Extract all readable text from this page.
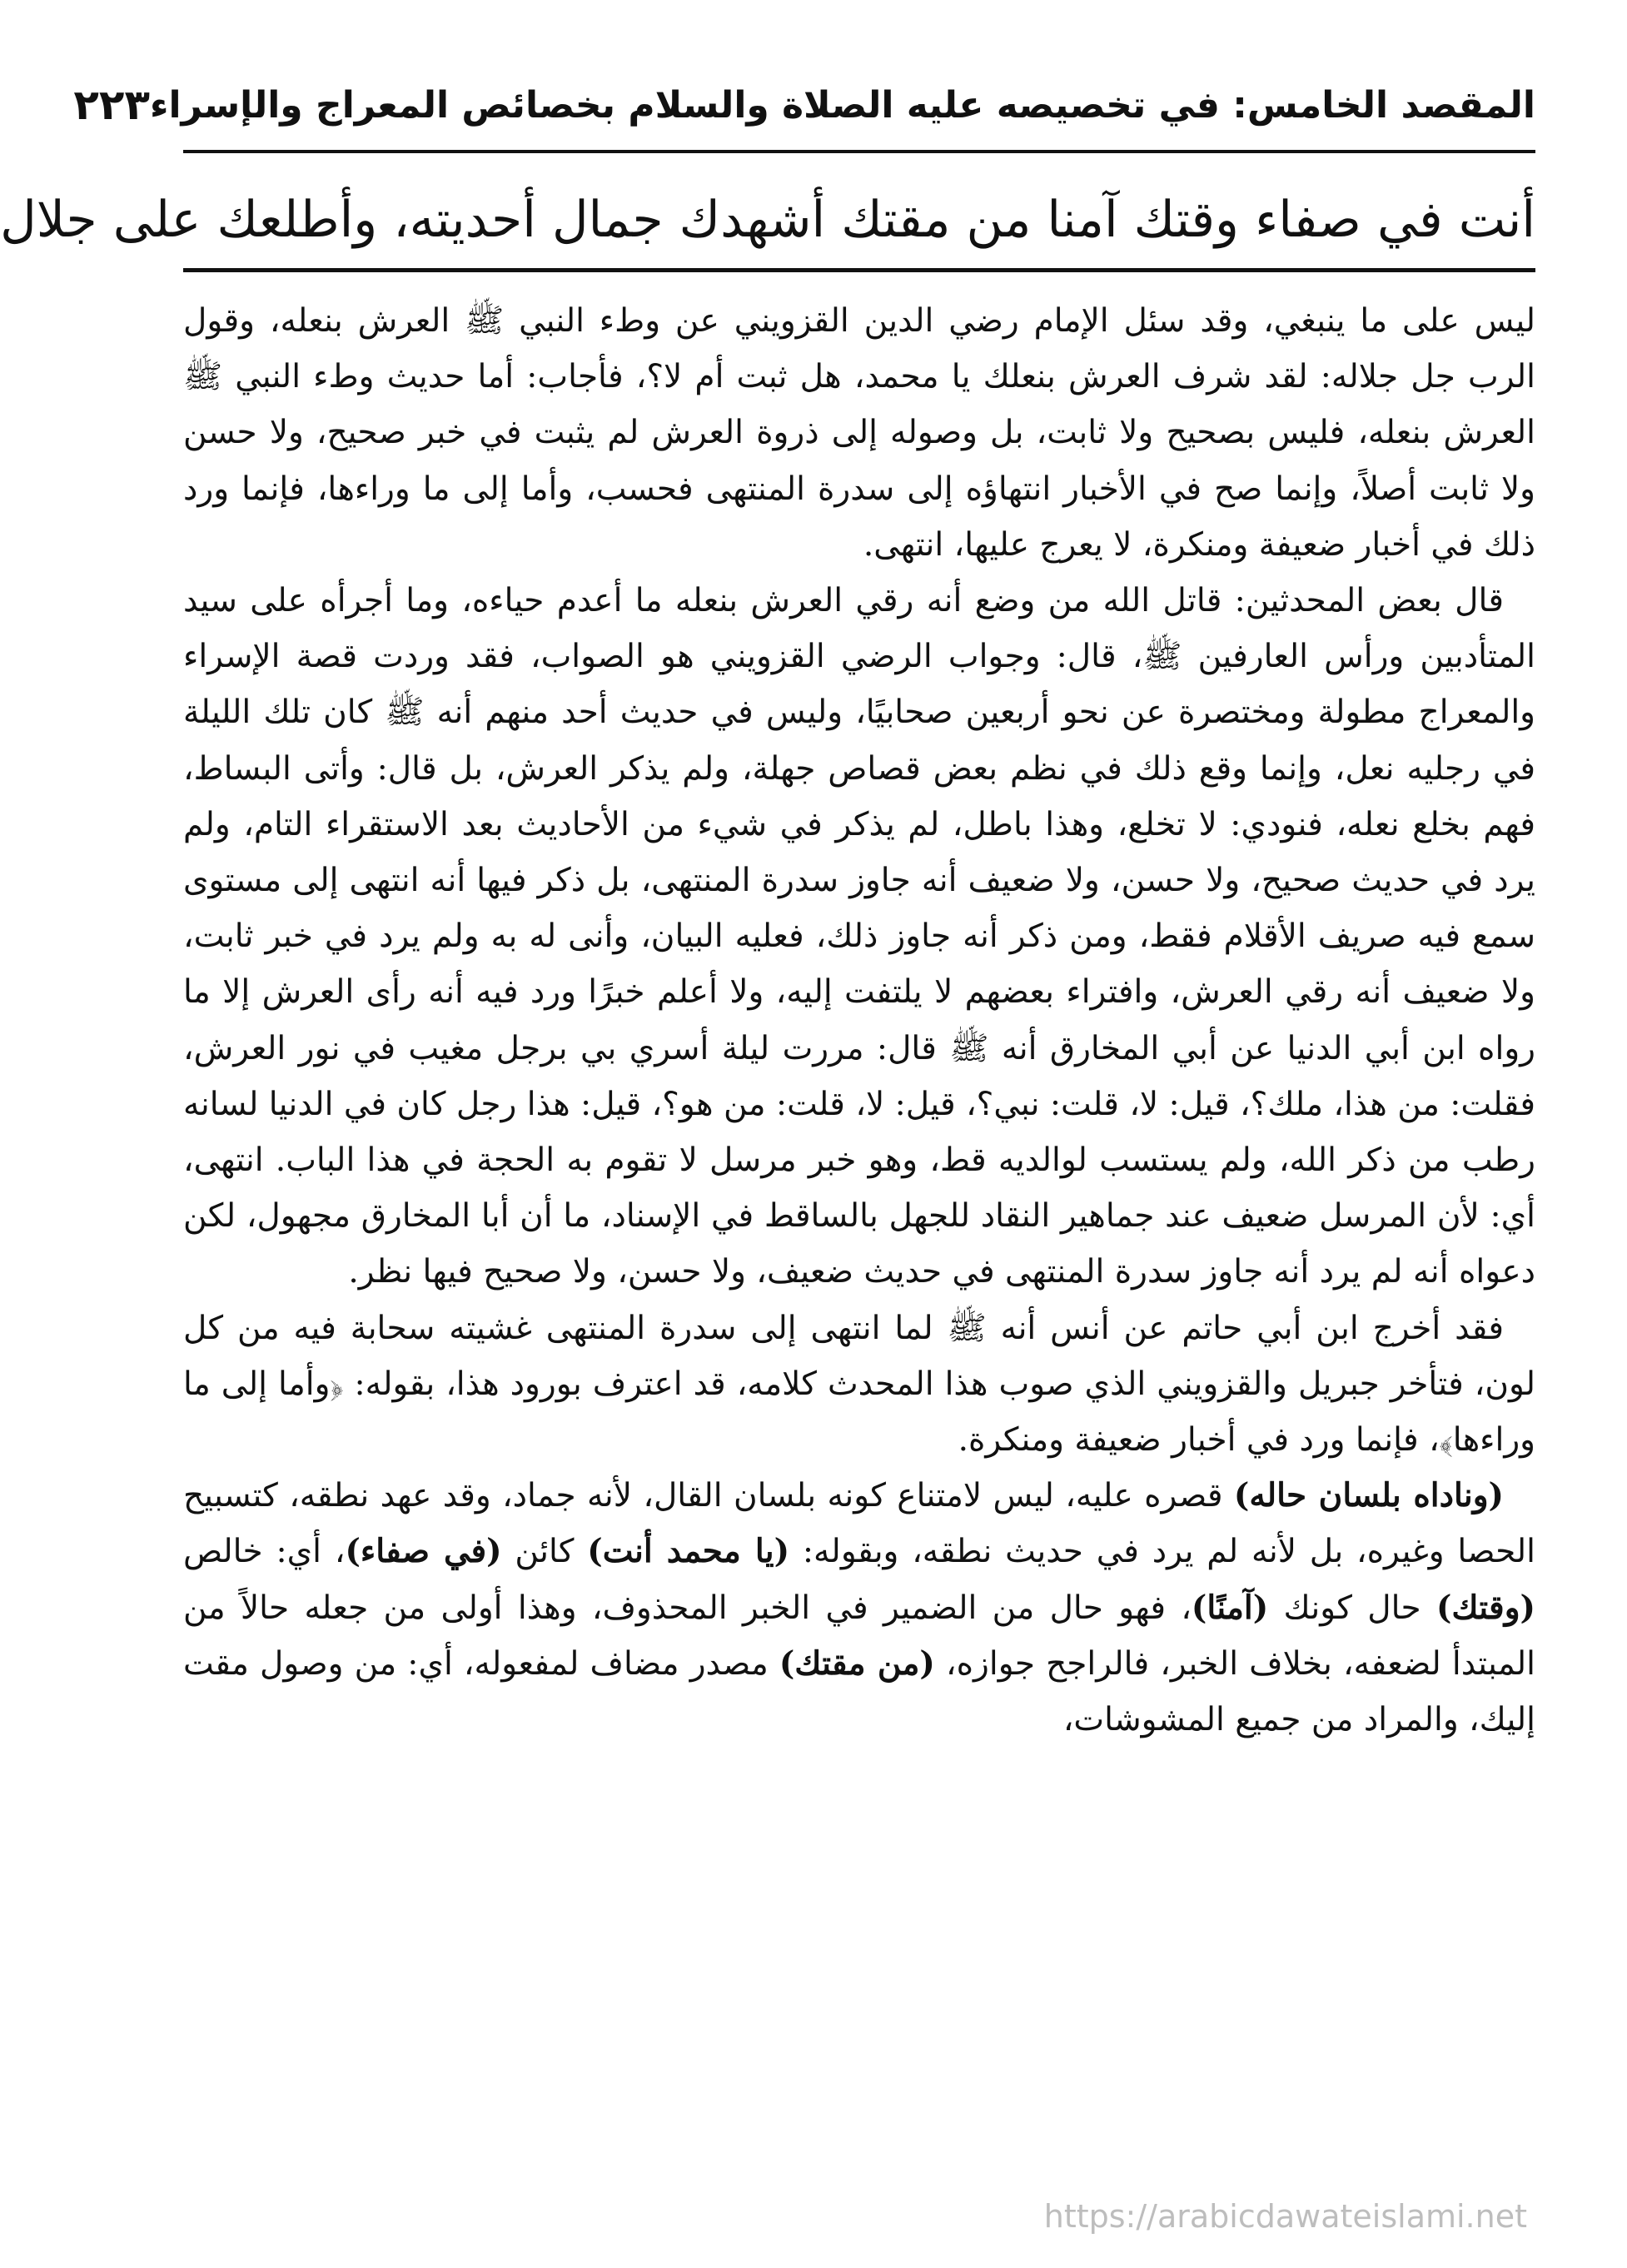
المقصد الخامس: في تخصيصه عليه الصلاة والسلام بخصائص المعراج والإسراء
٢٢٣
أنت في صفاء وقتك آمنا من مقتك أشهدك جمال أحديته، وأطلعك على جلال

ليس على ما ينبغي، وقد سئل الإمام رضي الدين القزويني عن وطء النبي ﷺ العرش بنعله، وقول الرب جل جلاله: لقد شرف العرش بنعلك يا محمد، هل ثبت أم لا؟، فأجاب: أما حديث وطء النبي ﷺ العرش بنعله، فليس بصحيح ولا ثابت، بل وصوله إلى ذروة العرش لم يثبت في خبر صحيح، ولا حسن ولا ثابت أصلاً، وإنما صح في الأخبار انتهاؤه إلى سدرة المنتهى فحسب، وأما إلى ما وراءها، فإنما ورد ذلك في أخبار ضعيفة ومنكرة، لا يعرج عليها، انتهى.

قال بعض المحدثين: قاتل الله من وضع أنه رقي العرش بنعله ما أعدم حياءه، وما أجرأه على سيد المتأدبين ورأس العارفين ﷺ، قال: وجواب الرضي القزويني هو الصواب، فقد وردت قصة الإسراء والمعراج مطولة ومختصرة عن نحو أربعين صحابيًا، وليس في حديث أحد منهم أنه ﷺ كان تلك الليلة في رجليه نعل، وإنما وقع ذلك في نظم بعض قصاص جهلة، ولم يذكر العرش، بل قال: وأتى البساط، فهم بخلع نعله، فنودي: لا تخلع، وهذا باطل، لم يذكر في شيء من الأحاديث بعد الاستقراء التام، ولم يرد في حديث صحيح، ولا حسن، ولا ضعيف أنه جاوز سدرة المنتهى، بل ذكر فيها أنه انتهى إلى مستوى سمع فيه صريف الأقلام فقط، ومن ذكر أنه جاوز ذلك، فعليه البيان، وأنى له به ولم يرد في خبر ثابت، ولا ضعيف أنه رقي العرش، وافتراء بعضهم لا يلتفت إليه، ولا أعلم خبرًا ورد فيه أنه رأى العرش إلا ما رواه ابن أبي الدنيا عن أبي المخارق أنه ﷺ قال: مررت ليلة أسري بي برجل مغيب في نور العرش، فقلت: من هذا، ملك؟، قيل: لا، قلت: نبي؟، قيل: لا، قلت: من هو؟، قيل: هذا رجل كان في الدنيا لسانه رطب من ذكر الله، ولم يستسب لوالديه قط، وهو خبر مرسل لا تقوم به الحجة في هذا الباب. انتهى، أي: لأن المرسل ضعيف عند جماهير النقاد للجهل بالساقط في الإسناد، ما أن أبا المخارق مجهول، لكن دعواه أنه لم يرد أنه جاوز سدرة المنتهى في حديث ضعيف، ولا حسن، ولا صحيح فيها نظر.

فقد أخرج ابن أبي حاتم عن أنس أنه ﷺ لما انتهى إلى سدرة المنتهى غشيته سحابة فيه من كل لون، فتأخر جبريل والقزويني الذي صوب هذا المحدث كلامه، قد اعترف بورود هذا، بقوله: ﴿وأما إلى ما وراءها﴾، فإنما ورد في أخبار ضعيفة ومنكرة.

(وناداه بلسان حاله) قصره عليه، ليس لامتناع كونه بلسان القال، لأنه جماد، وقد عهد نطقه، كتسبيح الحصا وغيره، بل لأنه لم يرد في حديث نطقه، وبقوله: (يا محمد أنت) كائن (في صفاء)، أي: خالص (وقتك) حال كونك (آمنًا)، فهو حال من الضمير في الخبر المحذوف، وهذا أولى من جعله حالاً من المبتدأ لضعفه، بخلاف الخبر، فالراجح جوازه، (من مقتك) مصدر مضاف لمفعوله، أي: من وصول مقت إليك، والمراد من جميع المشوشات،

https://arabicdawateislami.net
